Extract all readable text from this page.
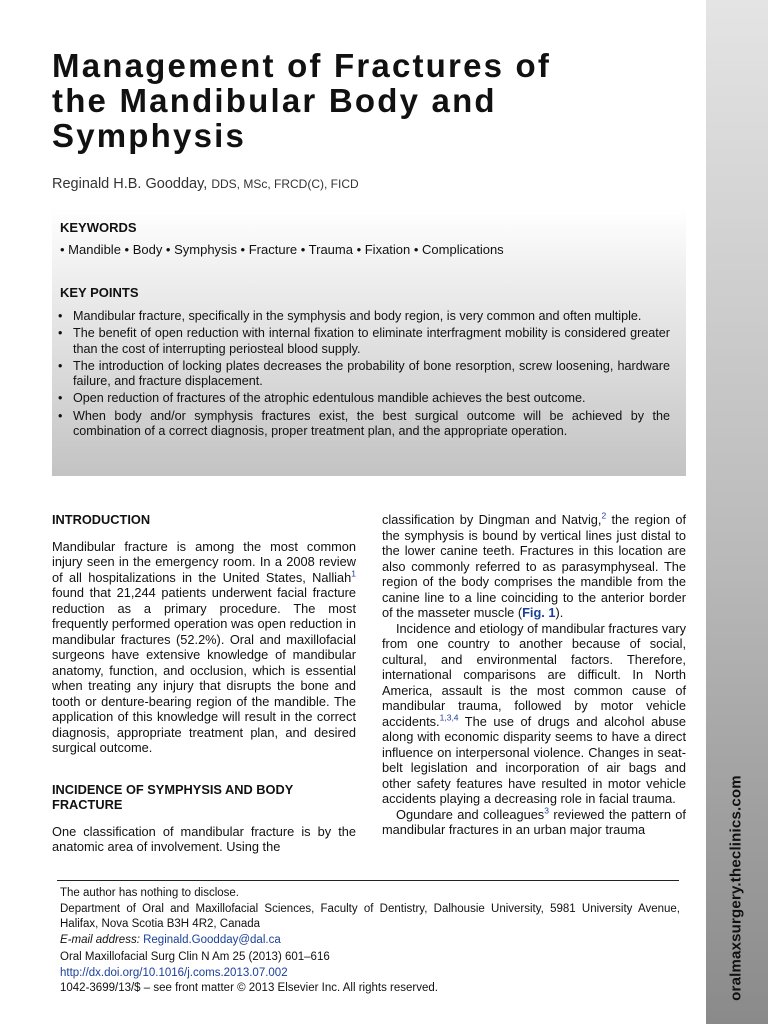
oralmaxsurgery.theclinics.com
Management of Fractures of
the Mandibular Body and
Symphysis
Reginald H.B. Goodday, DDS, MSc, FRCD(C), FICD
KEYWORDS
• Mandible • Body • Symphysis • Fracture • Trauma • Fixation • Complications
KEY POINTS
• Mandibular fracture, specifically in the symphysis and body region, is very common and often multiple.
• The benefit of open reduction with internal fixation to eliminate interfragment mobility is considered greater than the cost of interrupting periosteal blood supply.
• The introduction of locking plates decreases the probability of bone resorption, screw loosening, hardware failure, and fracture displacement.
• Open reduction of fractures of the atrophic edentulous mandible achieves the best outcome.
• When body and/or symphysis fractures exist, the best surgical outcome will be achieved by the combination of a correct diagnosis, proper treatment plan, and the appropriate operation.
INTRODUCTION

Mandibular fracture is among the most common injury seen in the emergency room. In a 2008 review of all hospitalizations in the United States, Nalliah$^1$ found that 21,244 patients underwent facial fracture reduction as a primary procedure. The most frequently performed operation was open reduction in mandibular fractures (52.2%). Oral and maxillofacial surgeons have extensive knowledge of mandibular anatomy, function, and occlusion, which is essential when treating any injury that disrupts the bone and tooth or denture-bearing region of the mandible. The application of this knowledge will result in the correct diagnosis, appropriate treatment plan, and desired surgical outcome.

INCIDENCE OF SYMPHYSIS AND BODY FRACTURE

One classification of mandibular fracture is by the anatomic area of involvement. Using the

classification by Dingman and Natvig,$^2$ the region of the symphysis is bound by vertical lines just distal to the lower canine teeth. Fractures in this location are also commonly referred to as parasymphyseal. The region of the body comprises the mandible from the canine line to a line coinciding to the anterior border of the masseter muscle (Fig. 1).

Incidence and etiology of mandibular fractures vary from one country to another because of social, cultural, and environmental factors. Therefore, international comparisons are difficult. In North America, assault is the most common cause of mandibular trauma, followed by motor vehicle accidents.$^{1,3,4}$ The use of drugs and alcohol abuse along with economic disparity seems to have a direct influence on interpersonal violence. Changes in seat-belt legislation and incorporation of air bags and other safety features have resulted in motor vehicle accidents playing a decreasing role in facial trauma.

Ogundare and colleagues$^3$ reviewed the pattern of mandibular fractures in an urban major trauma

The author has nothing to disclose.

Department of Oral and Maxillofacial Sciences, Faculty of Dentistry, Dalhousie University, 5981 University Avenue, Halifax, Nova Scotia B3H 4R2, Canada

E-mail address: Reginald.Goodday@dal.ca

Oral Maxillofacial Surg Clin N Am 25 (2013) 601–616

http://dx.doi.org/10.1016/j.coms.2013.07.002

1042-3699/13/$ – see front matter © 2013 Elsevier Inc. All rights reserved.
